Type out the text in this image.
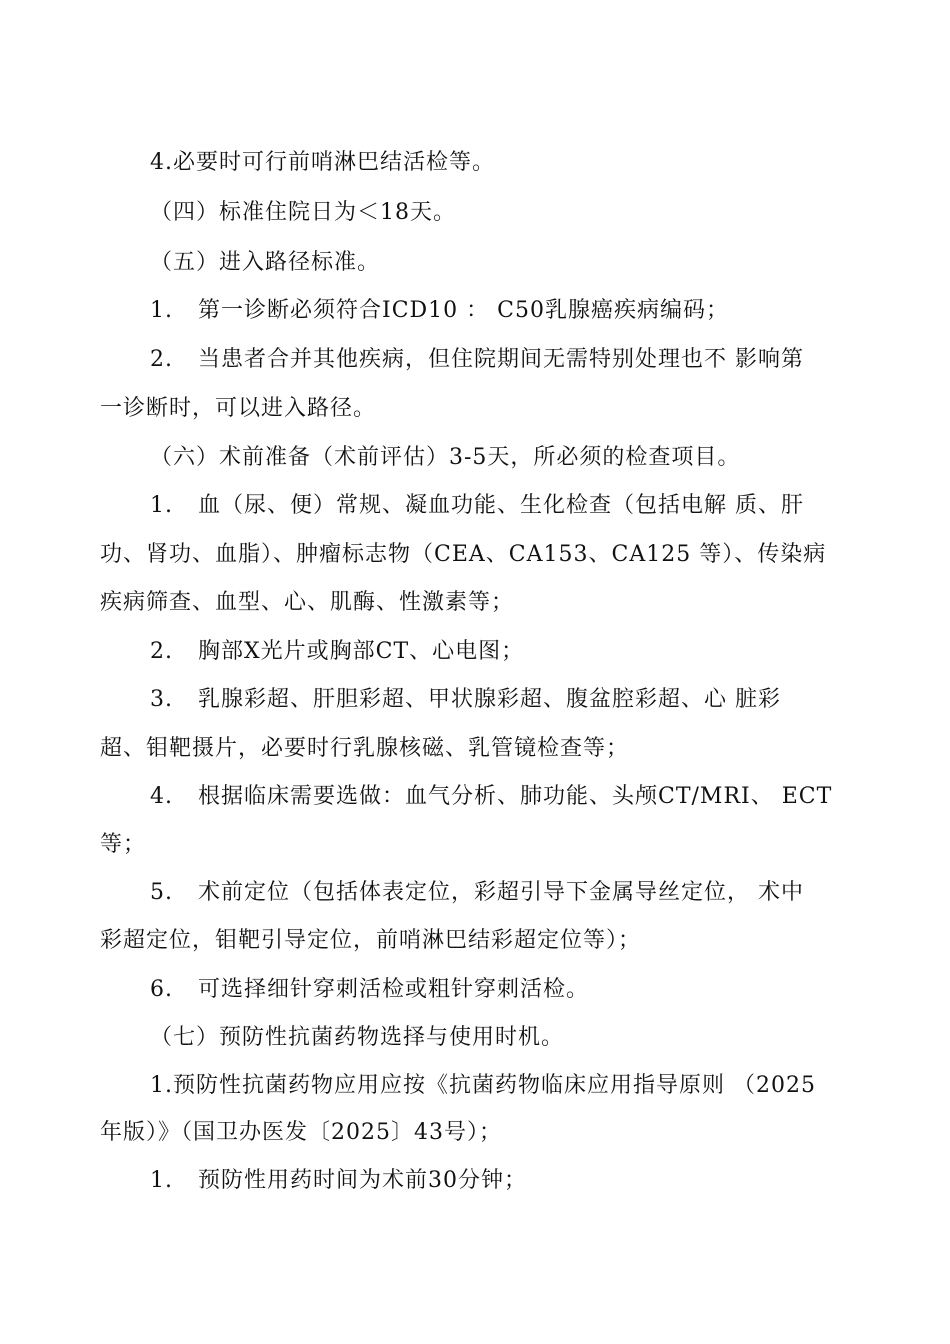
4.必要时可行前哨淋巴结活检等。
（四）标准住院日为＜18天。
（五）进入路径标准。
1. 第一诊断必须符合ICD10 ： C50乳腺癌疾病编码；
2. 当患者合并其他疾病，但住院期间无需特别处理也不 影响第
一诊断时，可以进入路径。
（六）术前准备（术前评估）3-5天，所必须的检查项目。
1. 血（尿、便）常规、凝血功能、生化检查（包括电解 质、肝
功、肾功、血脂）、肿瘤标志物（CEA、CA153、CA125 等）、传染病
疾病筛查、血型、心、肌酶、性激素等；
2. 胸部X光片或胸部CT、心电图；
3. 乳腺彩超、肝胆彩超、甲状腺彩超、腹盆腔彩超、心 脏彩
超、钼靶摄片，必要时行乳腺核磁、乳管镜检查等；
4. 根据临床需要选做：血气分析、肺功能、头颅CT/MRI、 ECT
等；
5. 术前定位（包括体表定位，彩超引导下金属导丝定位， 术中
彩超定位，钼靶引导定位，前哨淋巴结彩超定位等）；
6. 可选择细针穿刺活检或粗针穿刺活检。
（七）预防性抗菌药物选择与使用时机。
1.预防性抗菌药物应用应按《抗菌药物临床应用指导原则 （2025
年版）》（国卫办医发〔2025〕43号）；
1. 预防性用药时间为术前30分钟；
